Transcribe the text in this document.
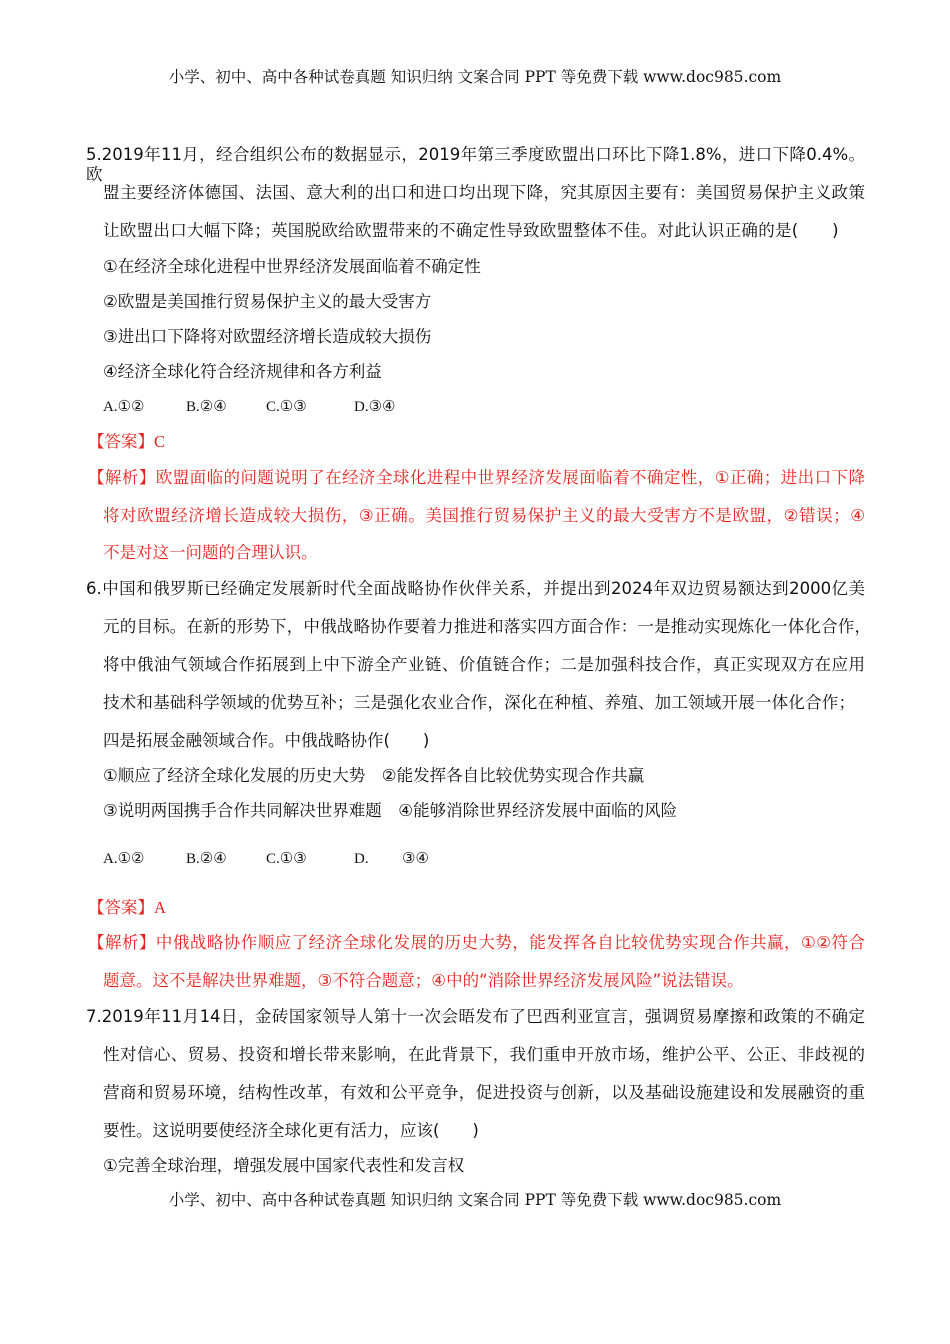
小学、初中、高中各种试卷真题 知识归纳 文案合同 PPT 等免费下载 www.doc985.com
5.2019年11月，经合组织公布的数据显示，2019年第三季度欧盟出口环比下降1.8%，进口下降0.4%。欧
盟主要经济体德国、法国、意大利的出口和进口均出现下降，究其原因主要有：美国贸易保护主义政策
让欧盟出口大幅下降；英国脱欧给欧盟带来的不确定性导致欧盟整体不佳。对此认识正确的是(　　)
①在经济全球化进程中世界经济发展面临着不确定性
②欧盟是美国推行贸易保护主义的最大受害方
③进出口下降将对欧盟经济增长造成较大损伤
④经济全球化符合经济规律和各方利益
A.①②	B.②④	C.①③	D.③④
【答案】C
【解析】欧盟面临的问题说明了在经济全球化进程中世界经济发展面临着不确定性，①正确；进出口下降
将对欧盟经济增长造成较大损伤，③正确。美国推行贸易保护主义的最大受害方不是欧盟，②错误；④
不是对这一问题的合理认识。
6.中国和俄罗斯已经确定发展新时代全面战略协作伙伴关系，并提出到2024年双边贸易额达到2000亿美
元的目标。在新的形势下，中俄战略协作要着力推进和落实四方面合作：一是推动实现炼化一体化合作，
将中俄油气领域合作拓展到上中下游全产业链、价值链合作；二是加强科技合作，真正实现双方在应用
技术和基础科学领域的优势互补；三是强化农业合作，深化在种植、养殖、加工领域开展一体化合作；
四是拓展金融领域合作。中俄战略协作(　　)
①顺应了经济全球化发展的历史大势　②能发挥各自比较优势实现合作共赢
③说明两国携手合作共同解决世界难题　④能够消除世界经济发展中面临的风险
A.①②	B.②④	C.①③	D. ③④
【答案】A
【解析】中俄战略协作顺应了经济全球化发展的历史大势，能发挥各自比较优势实现合作共赢，①②符合
题意。这不是解决世界难题，③不符合题意；④中的“消除世界经济发展风险”说法错误。
7.2019年11月14日，金砖国家领导人第十一次会晤发布了巴西利亚宣言，强调贸易摩擦和政策的不确定
性对信心、贸易、投资和增长带来影响，在此背景下，我们重申开放市场，维护公平、公正、非歧视的
营商和贸易环境，结构性改革，有效和公平竞争，促进投资与创新，以及基础设施建设和发展融资的重
要性。这说明要使经济全球化更有活力，应该(　　)
①完善全球治理，增强发展中国家代表性和发言权
小学、初中、高中各种试卷真题 知识归纳 文案合同 PPT 等免费下载 www.doc985.com
